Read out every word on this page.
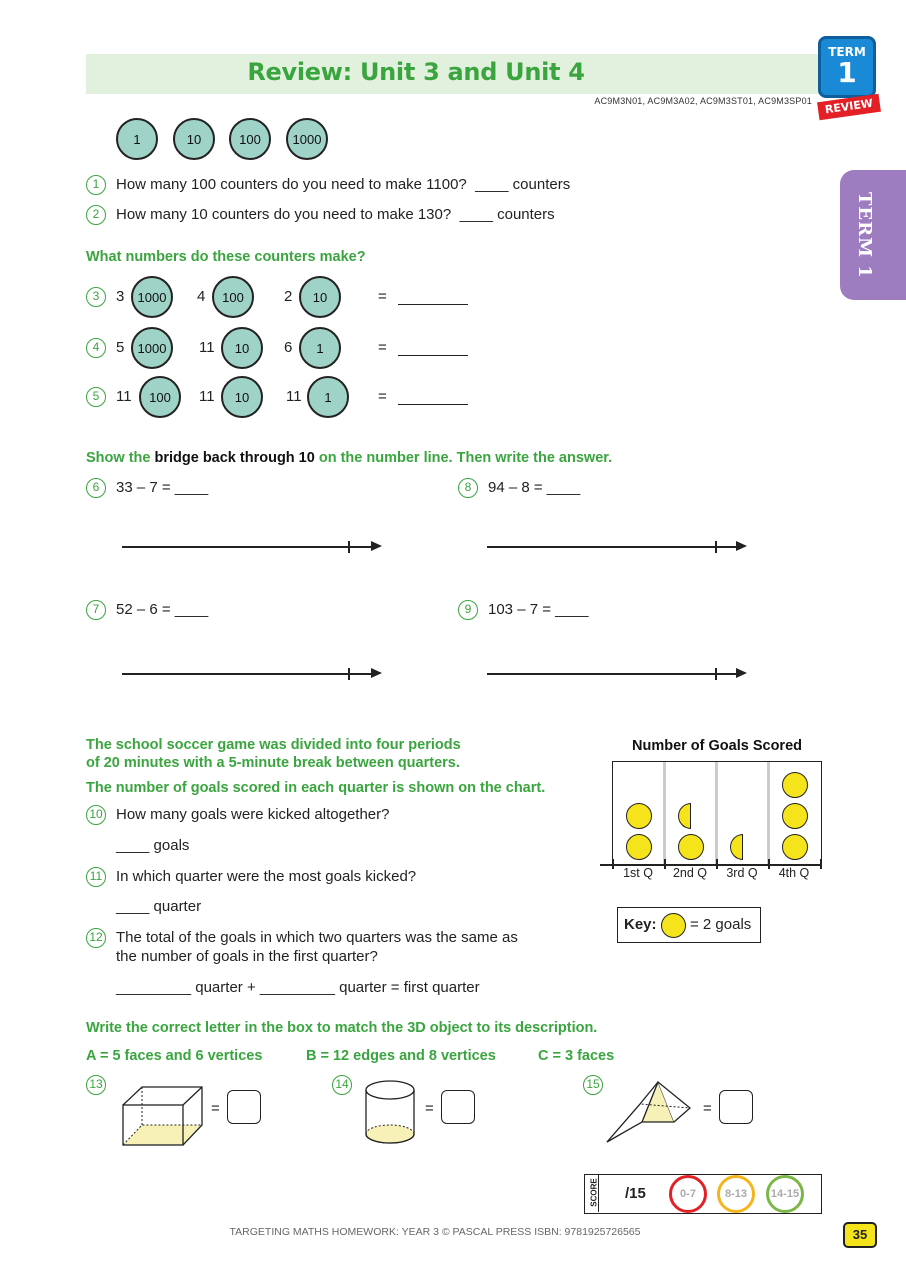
Review: Unit 3 and Unit 4
AC9M3N01, AC9M3A02, AC9M3ST01, AC9M3SP01
TERM
1
REVIEW
TERM 1
1	10	100	1000
1	How many 100 counters do you need to make 1100? ____ counters
2	How many 10 counters do you need to make 130? ____ counters
What numbers do these counters make?
3	3	1000	4	100	2	10	=
4	5	1000	11	10	6	1	=
5	11	100	11	10	11	1	=
Show the bridge back through 10 on the number line. Then write the answer.
6	33 – 7 = ____	8	94 – 8 = ____
7	52 – 6 = ____	9	103 – 7 = ____
The school soccer game was divided into four periods
of 20 minutes with a 5-minute break between quarters.
The number of goals scored in each quarter is shown on the chart.
10 How many goals were kicked altogether?
____ goals
11 In which quarter were the most goals kicked?
____ quarter
12 The total of the goals in which two quarters was the same as
the number of goals in the first quarter?
_________ quarter + _________ quarter = first quarter
Number of Goals Scored
1st Q	2nd Q	3rd Q	4th Q
Key: = 2 goals
Write the correct letter in the box to match the 3D object to its description.
A = 5 faces and 6 vertices	B = 12 edges and 8 vertices	C = 3 faces
13
=
14
=
15
=
SCORE /15	0-7	8-13	14-15
TARGETING MATHS HOMEWORK: YEAR 3 © PASCAL PRESS ISBN: 9781925726565	35
